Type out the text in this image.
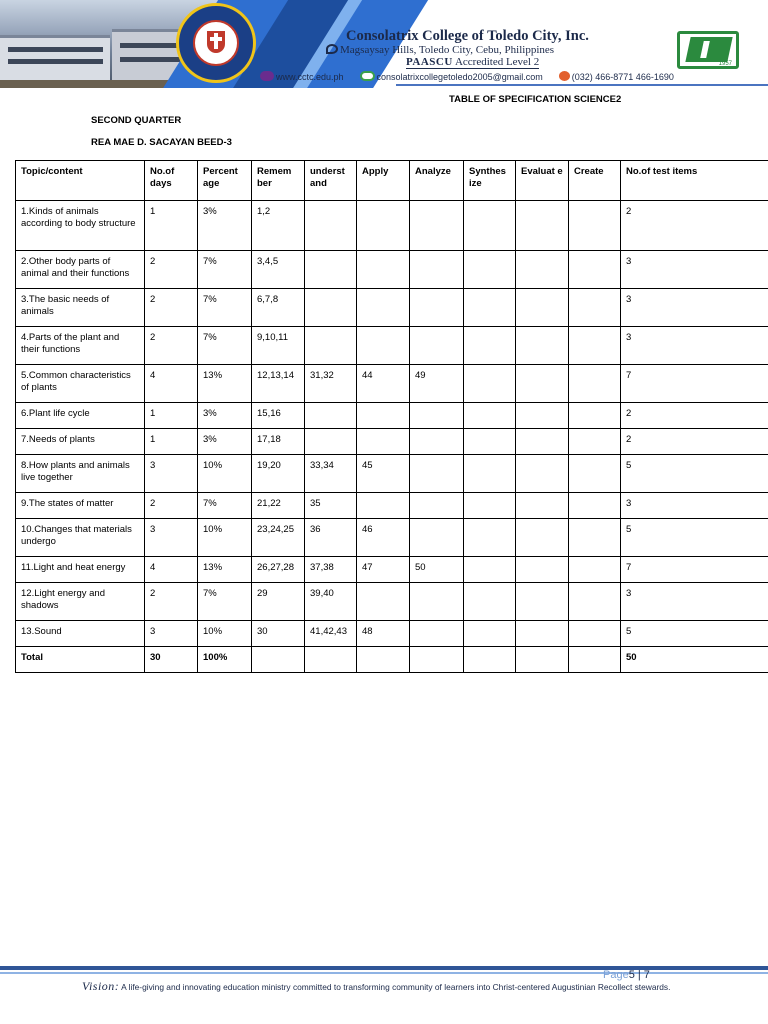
Consolatrix College of Toledo City, Inc.
Magsaysay Hills, Toledo City, Cebu, Philippines
PAASCU Accredited Level 2
www.cctc.edu.ph	consolatrixcollegetoledo2005@gmail.com	(032) 466-8771 466-1690
1957
TABLE OF SPECIFICATION SCIENCE2
SECOND QUARTER
REA MAE D. SACAYAN BEED-3
Topic/content	No.of days	Percent age	Remem ber	underst and	Apply	Analyze	Synthes ize	Evaluat e	Create	No.of test items
1.Kinds of animals according to body structure	1	3%	1,2							2
2.Other body parts of animal and their functions	2	7%	3,4,5							3
3.The basic needs of animals	2	7%	6,7,8							3
4.Parts of the plant and their functions	2	7%	9,10,11							3
5.Common characteristics of plants	4	13%	12,13,14	31,32	44	49				7
6.Plant life cycle	1	3%	15,16							2
7.Needs of plants	1	3%	17,18							2
8.How plants and animals live together	3	10%	19,20	33,34	45					5
9.The states of matter	2	7%	21,22	35						3
10.Changes that materials undergo	3	10%	23,24,25	36	46					5
11.Light and heat energy	4	13%	26,27,28	37,38	47	50				7
12.Light energy and shadows	2	7%	29	39,40						3
13.Sound	3	10%	30	41,42,43	48					5
Total	30	100%								50
Page5 | 7
Vision: A life-giving and innovating education ministry committed to transforming community of learners into Christ-centered Augustinian Recollect stewards.
